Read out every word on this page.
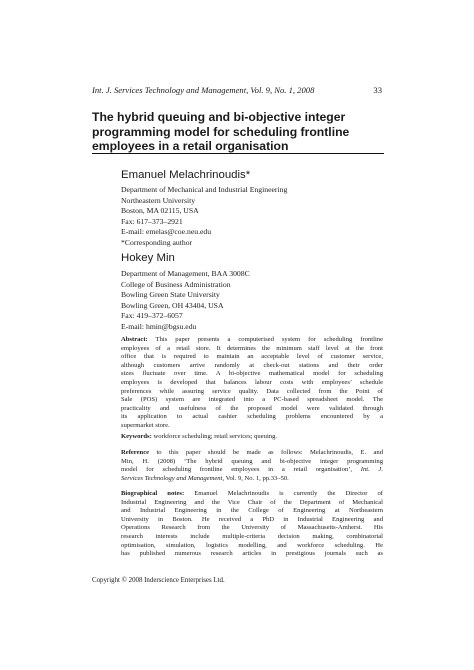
Int. J. Services Technology and Management, Vol. 9, No. 1, 2008	33
The hybrid queuing and bi-objective integer
programming model for scheduling frontline
employees in a retail organisation
Emanuel Melachrinoudis*
Department of Mechanical and Industrial Engineering
Northeastern University
Boston, MA 02115, USA
Fax: 617–373–2921
E-mail: emelas@coe.neu.edu
*Corresponding author
Hokey Min
Department of Management, BAA 3008C
College of Business Administration
Bowling Green State University
Bowling Green, OH 43404, USA
Fax: 419–372–6057
E-mail: hmin@bgsu.edu
Abstract: This paper presents a computerised system for scheduling frontline
employees of a retail store. It determines the minimum staff level at the front
office that is required to maintain an acceptable level of customer service,
although customers arrive randomly at check-out stations and their order
sizes fluctuate over time. A bi-objective mathematical model for scheduling
employees is developed that balances labour costs with employees’ schedule
preferences while assuring service quality. Data collected from the Point of
Sale (POS) system are integrated into a PC-based spreadsheet model. The
practicality and usefulness of the proposed model were validated through
its application to actual cashier scheduling problems encountered by a
supermarket store.
Keywords: workforce scheduling; retail services; queuing.
Reference to this paper should be made as follows: Melachrinoudis, E. and
Min, H. (2008) ‘The hybrid queuing and bi-objective integer programming
model for scheduling frontline employees in a retail organisation’, Int. J.
Services Technology and Management, Vol. 9, No. 1, pp.33–50.
Biographical notes: Emanuel Melachrinoudis is currently the Director of
Industrial Engineering and the Vice Chair of the Department of Mechanical
and Industrial Engineering in the College of Engineering at Northeastern
University in Boston. He received a PhD in Industrial Engineering and
Operations Research from the University of Massachusetts-Amherst. His
research interests include multiple-criteria decision making, combinatorial
optimisation, simulation, logistics modelling, and workforce scheduling. He
has published numerous research articles in prestigious journals such as
Copyright © 2008 Inderscience Enterprises Ltd.
